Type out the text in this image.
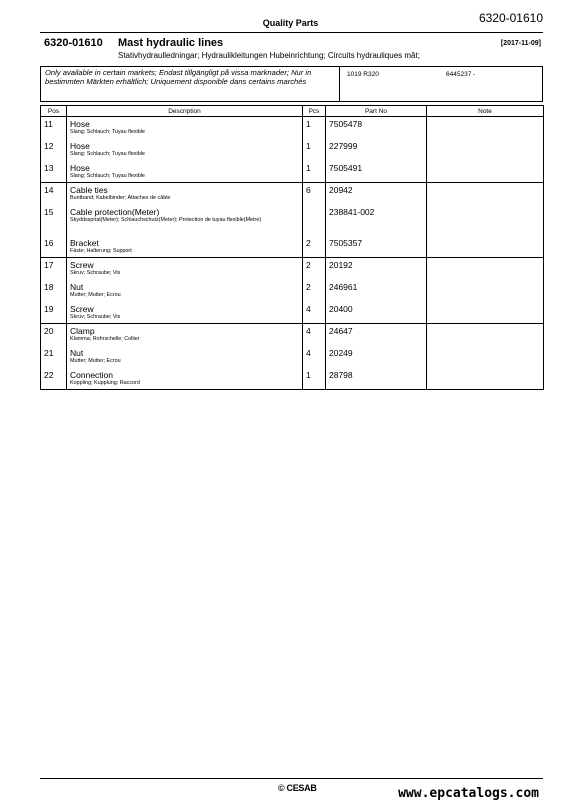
Quality Parts	6320-01610
6320-01610 Mast hydraulic lines	[2017-11-09]
Stativhydraulledningar; Hydraulikleitungen Hubeinrichtung; Circuits hydrauliques mât;
Only available in certain markets; Endast tillgängligt på vissa marknader; Nur in bestimmten Märkten erhältlich; Uniquement disponible dans certains marchés
1019 R320	6445237 -
Pos	Description	Pcs	Part No	Note
11	Hose
Slang; Schlauch; Tuyau flexible	1	7505478	
12	Hose
Slang; Schlauch; Tuyau flexible	1	227999	
13	Hose
Slang; Schlauch; Tuyau flexible	1	7505491	
14	Cable ties
Buntband; Kabelbinder; Attaches de câble	6	20942	
15	Cable protection(Meter)
Skyddsspiral(Meter); Schlauchschutz(Meter); Protection de tuyau flexible(Metre)		238841-002	
16	Bracket
Fäste; Halterung; Support	2	7505357	
17	Screw
Skruv; Schraube; Vis	2	20192	
18	Nut
Mutter; Mutter; Ecrou	2	246961	
19	Screw
Skruv; Schraube; Vis	4	20400	
20	Clamp
Klamma; Rohrschelle; Collier	4	24647	
21	Nut
Mutter; Mutter; Ecrou	4	20249	
22	Connection
Koppling; Kupplung; Raccord	1	28798	
© CESAB	www.epcatalogs.com
